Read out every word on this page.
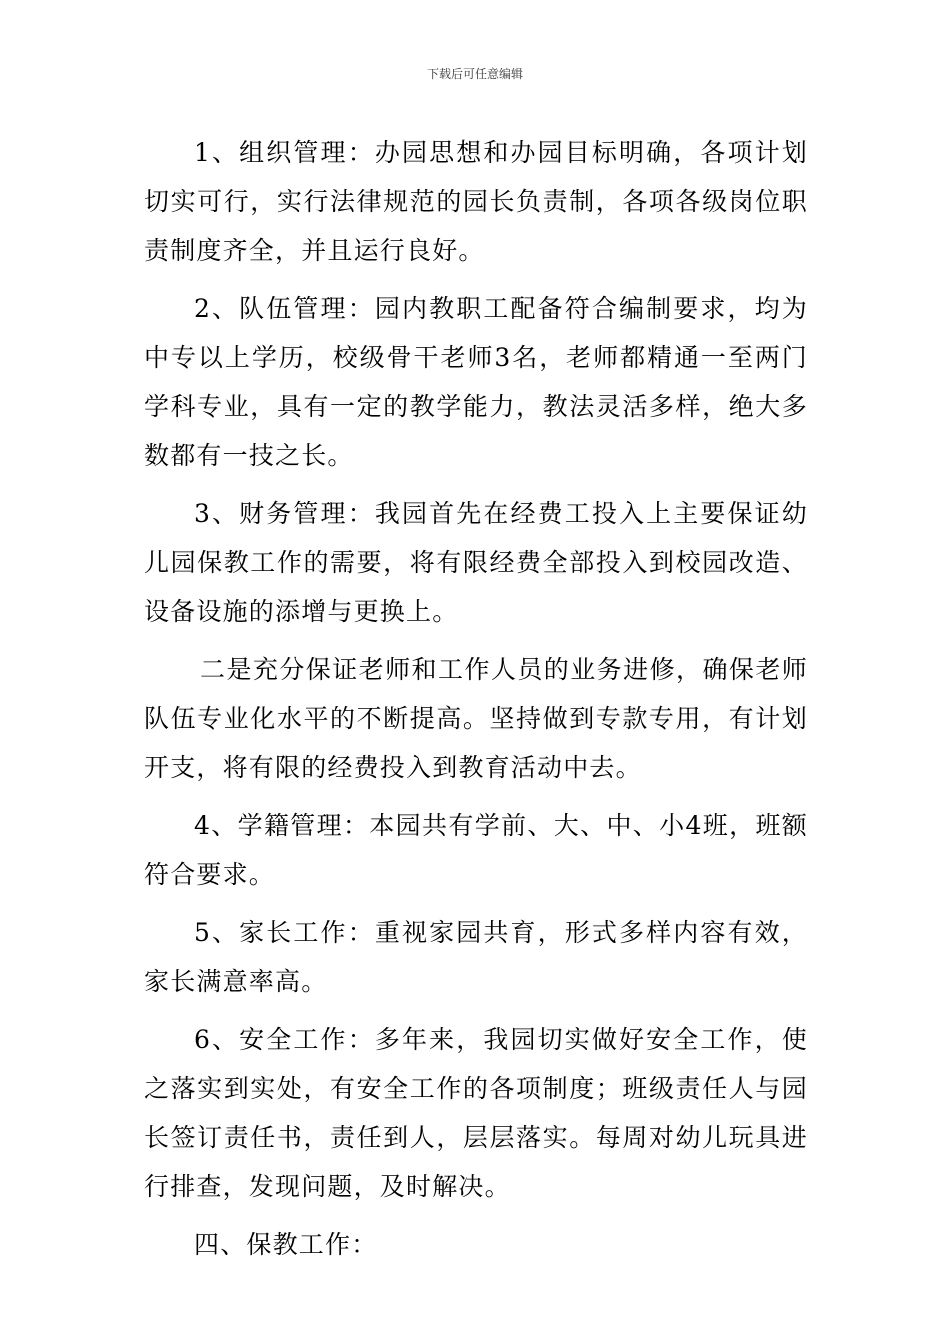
下载后可任意编辑

1、组织管理：办园思想和办园目标明确，各项计划切实可行，实行法律规范的园长负责制，各项各级岗位职责制度齐全，并且运行良好。

2、队伍管理：园内教职工配备符合编制要求，均为中专以上学历，校级骨干老师3名，老师都精通一至两门学科专业，具有一定的教学能力，教法灵活多样，绝大多数都有一技之长。

3、财务管理：我园首先在经费工投入上主要保证幼儿园保教工作的需要，将有限经费全部投入到校园改造、设备设施的添增与更换上。

二是充分保证老师和工作人员的业务进修，确保老师队伍专业化水平的不断提高。坚持做到专款专用，有计划开支，将有限的经费投入到教育活动中去。

4、学籍管理：本园共有学前、大、中、小4班，班额符合要求。

5、家长工作：重视家园共育，形式多样内容有效，家长满意率高。

6、安全工作：多年来，我园切实做好安全工作，使之落实到实处，有安全工作的各项制度；班级责任人与园长签订责任书，责任到人，层层落实。每周对幼儿玩具进行排查，发现问题，及时解决。

四、保教工作：
